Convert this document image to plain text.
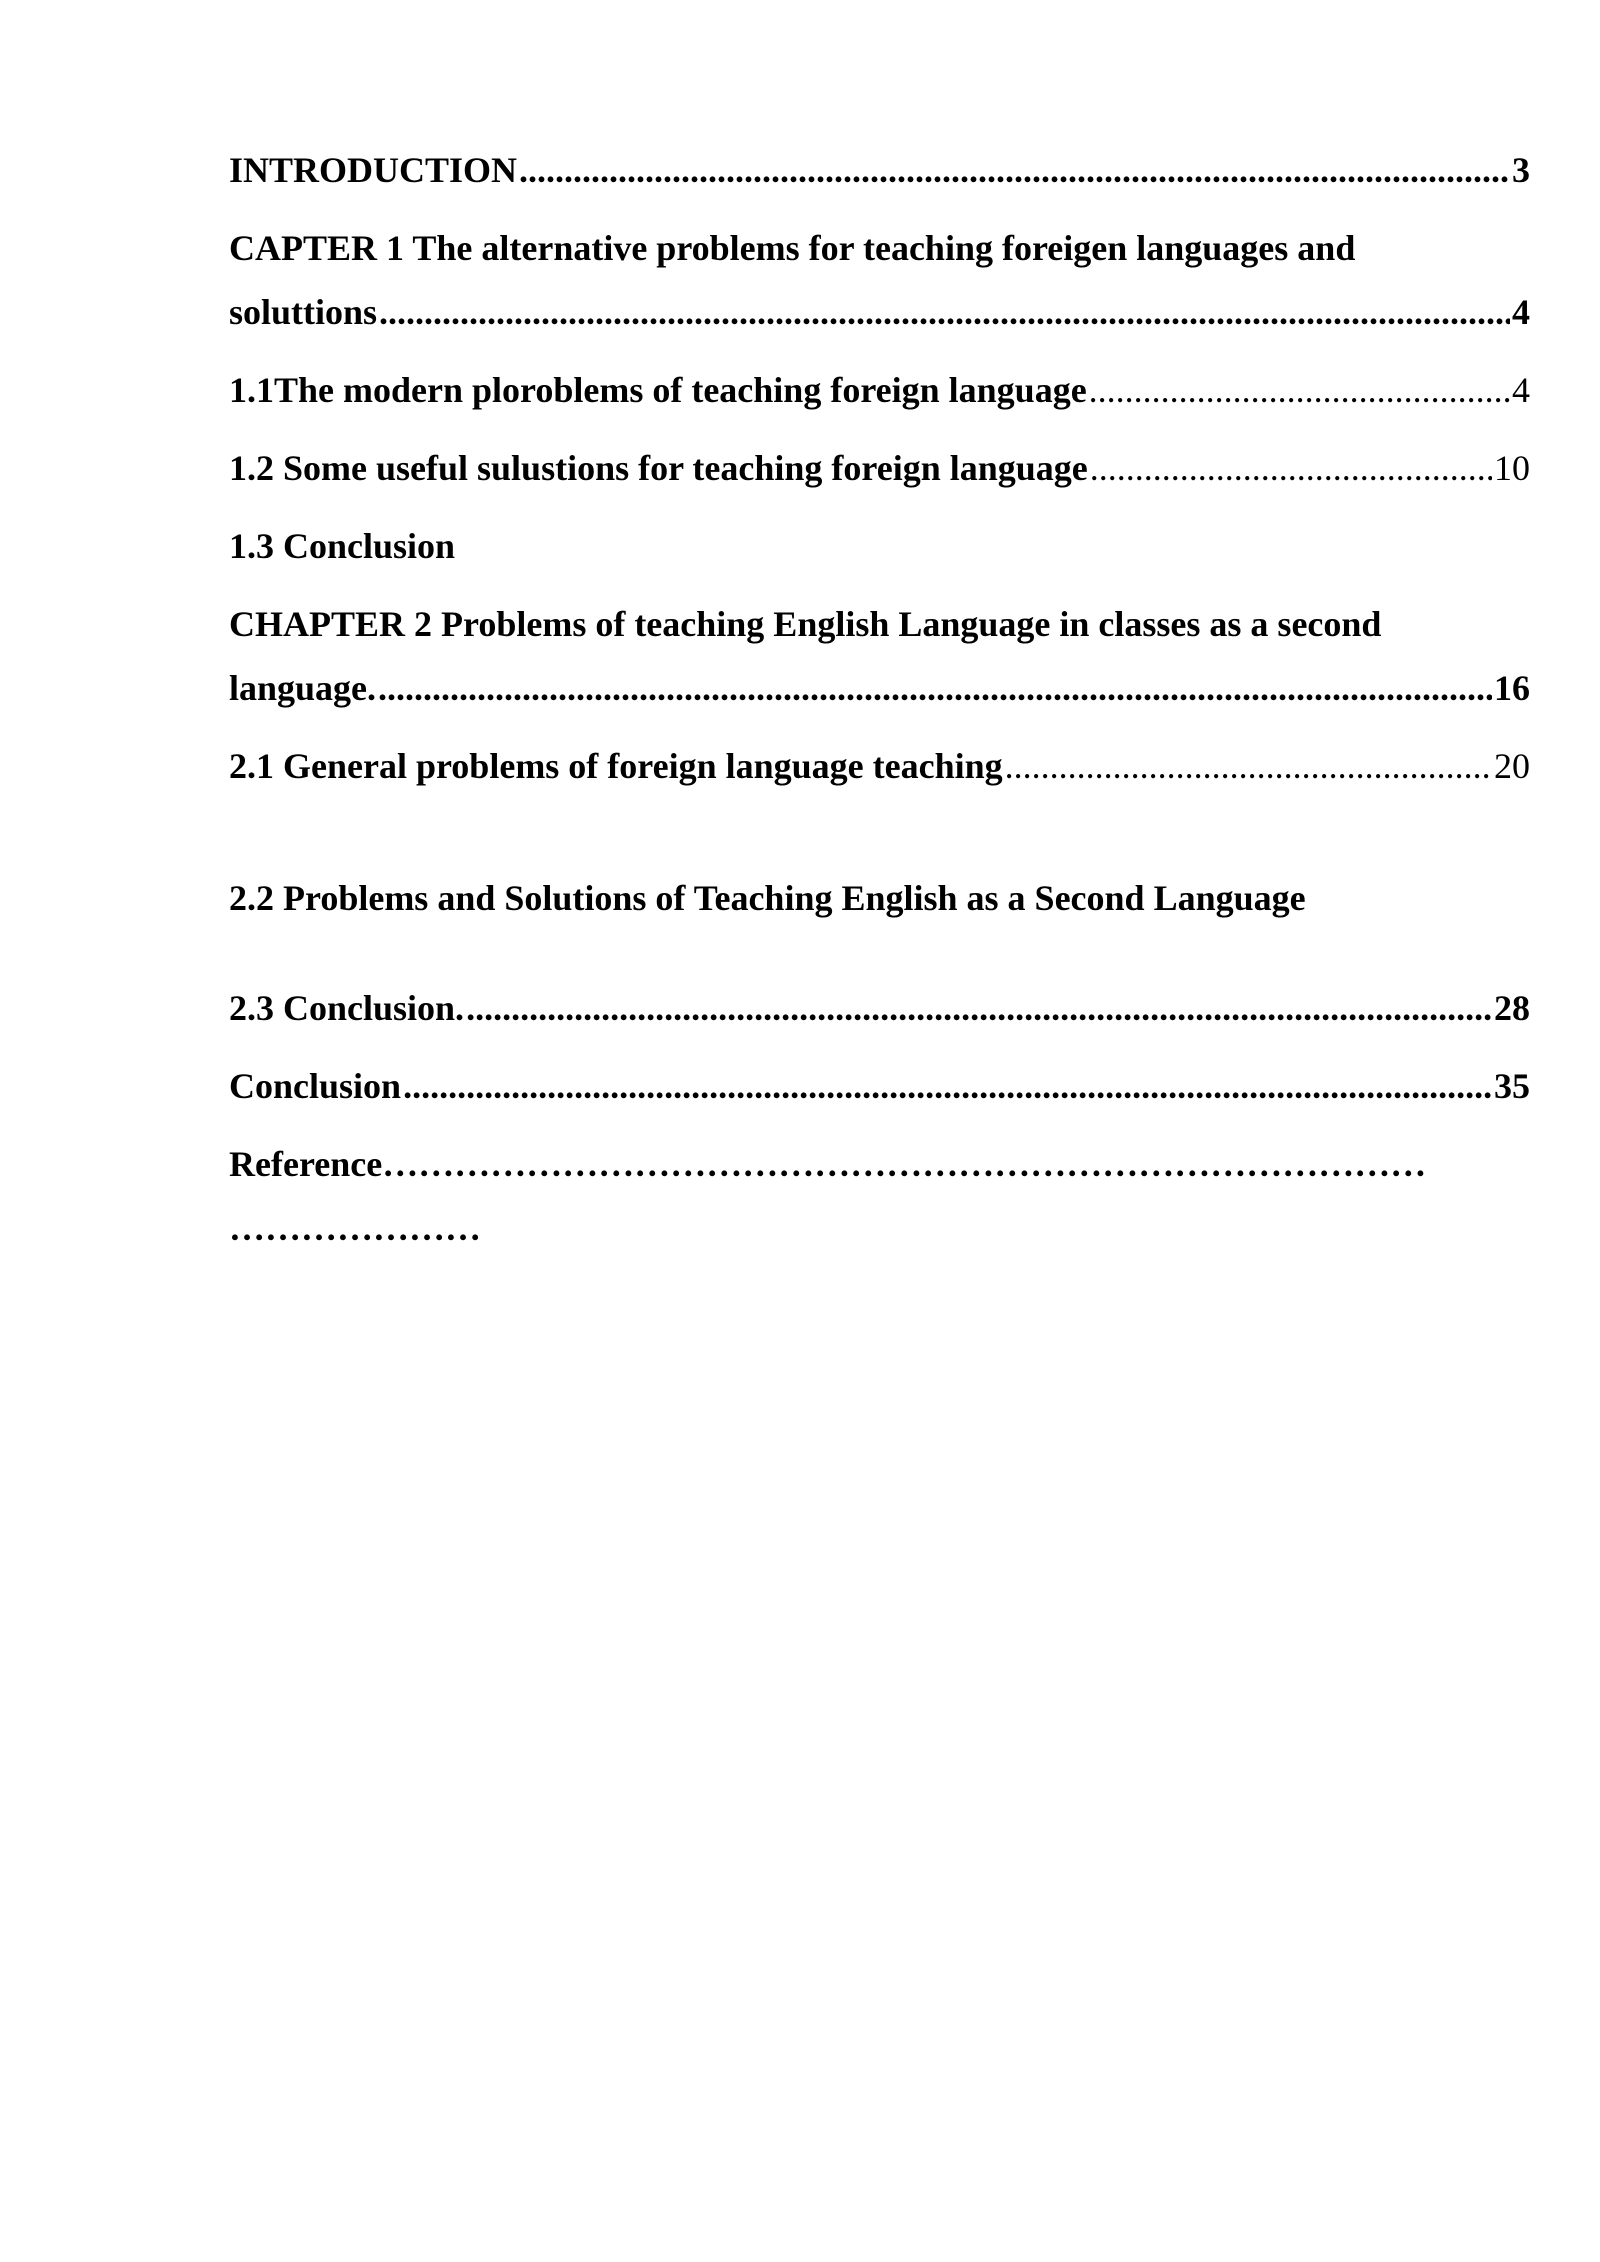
INTRODUCTION .....	3
CAPTER 1 The alternative problems for teaching foreigen languages and
soluttions .....	4
1.1The modern ploroblems of teaching foreign language .....	4
1.2 Some useful sulustions for teaching foreign language .....	10
1.3 Conclusion
CHAPTER 2 Problems of teaching English Language in classes as a second
language. .....	16
2.1 General problems of foreign language teaching .....	20
2.2 Problems and Solutions of Teaching English as a Second Language
2.3 Conclusion. .....	28
Conclusion .....	35
Reference……………………………………………………………………………
…………………
